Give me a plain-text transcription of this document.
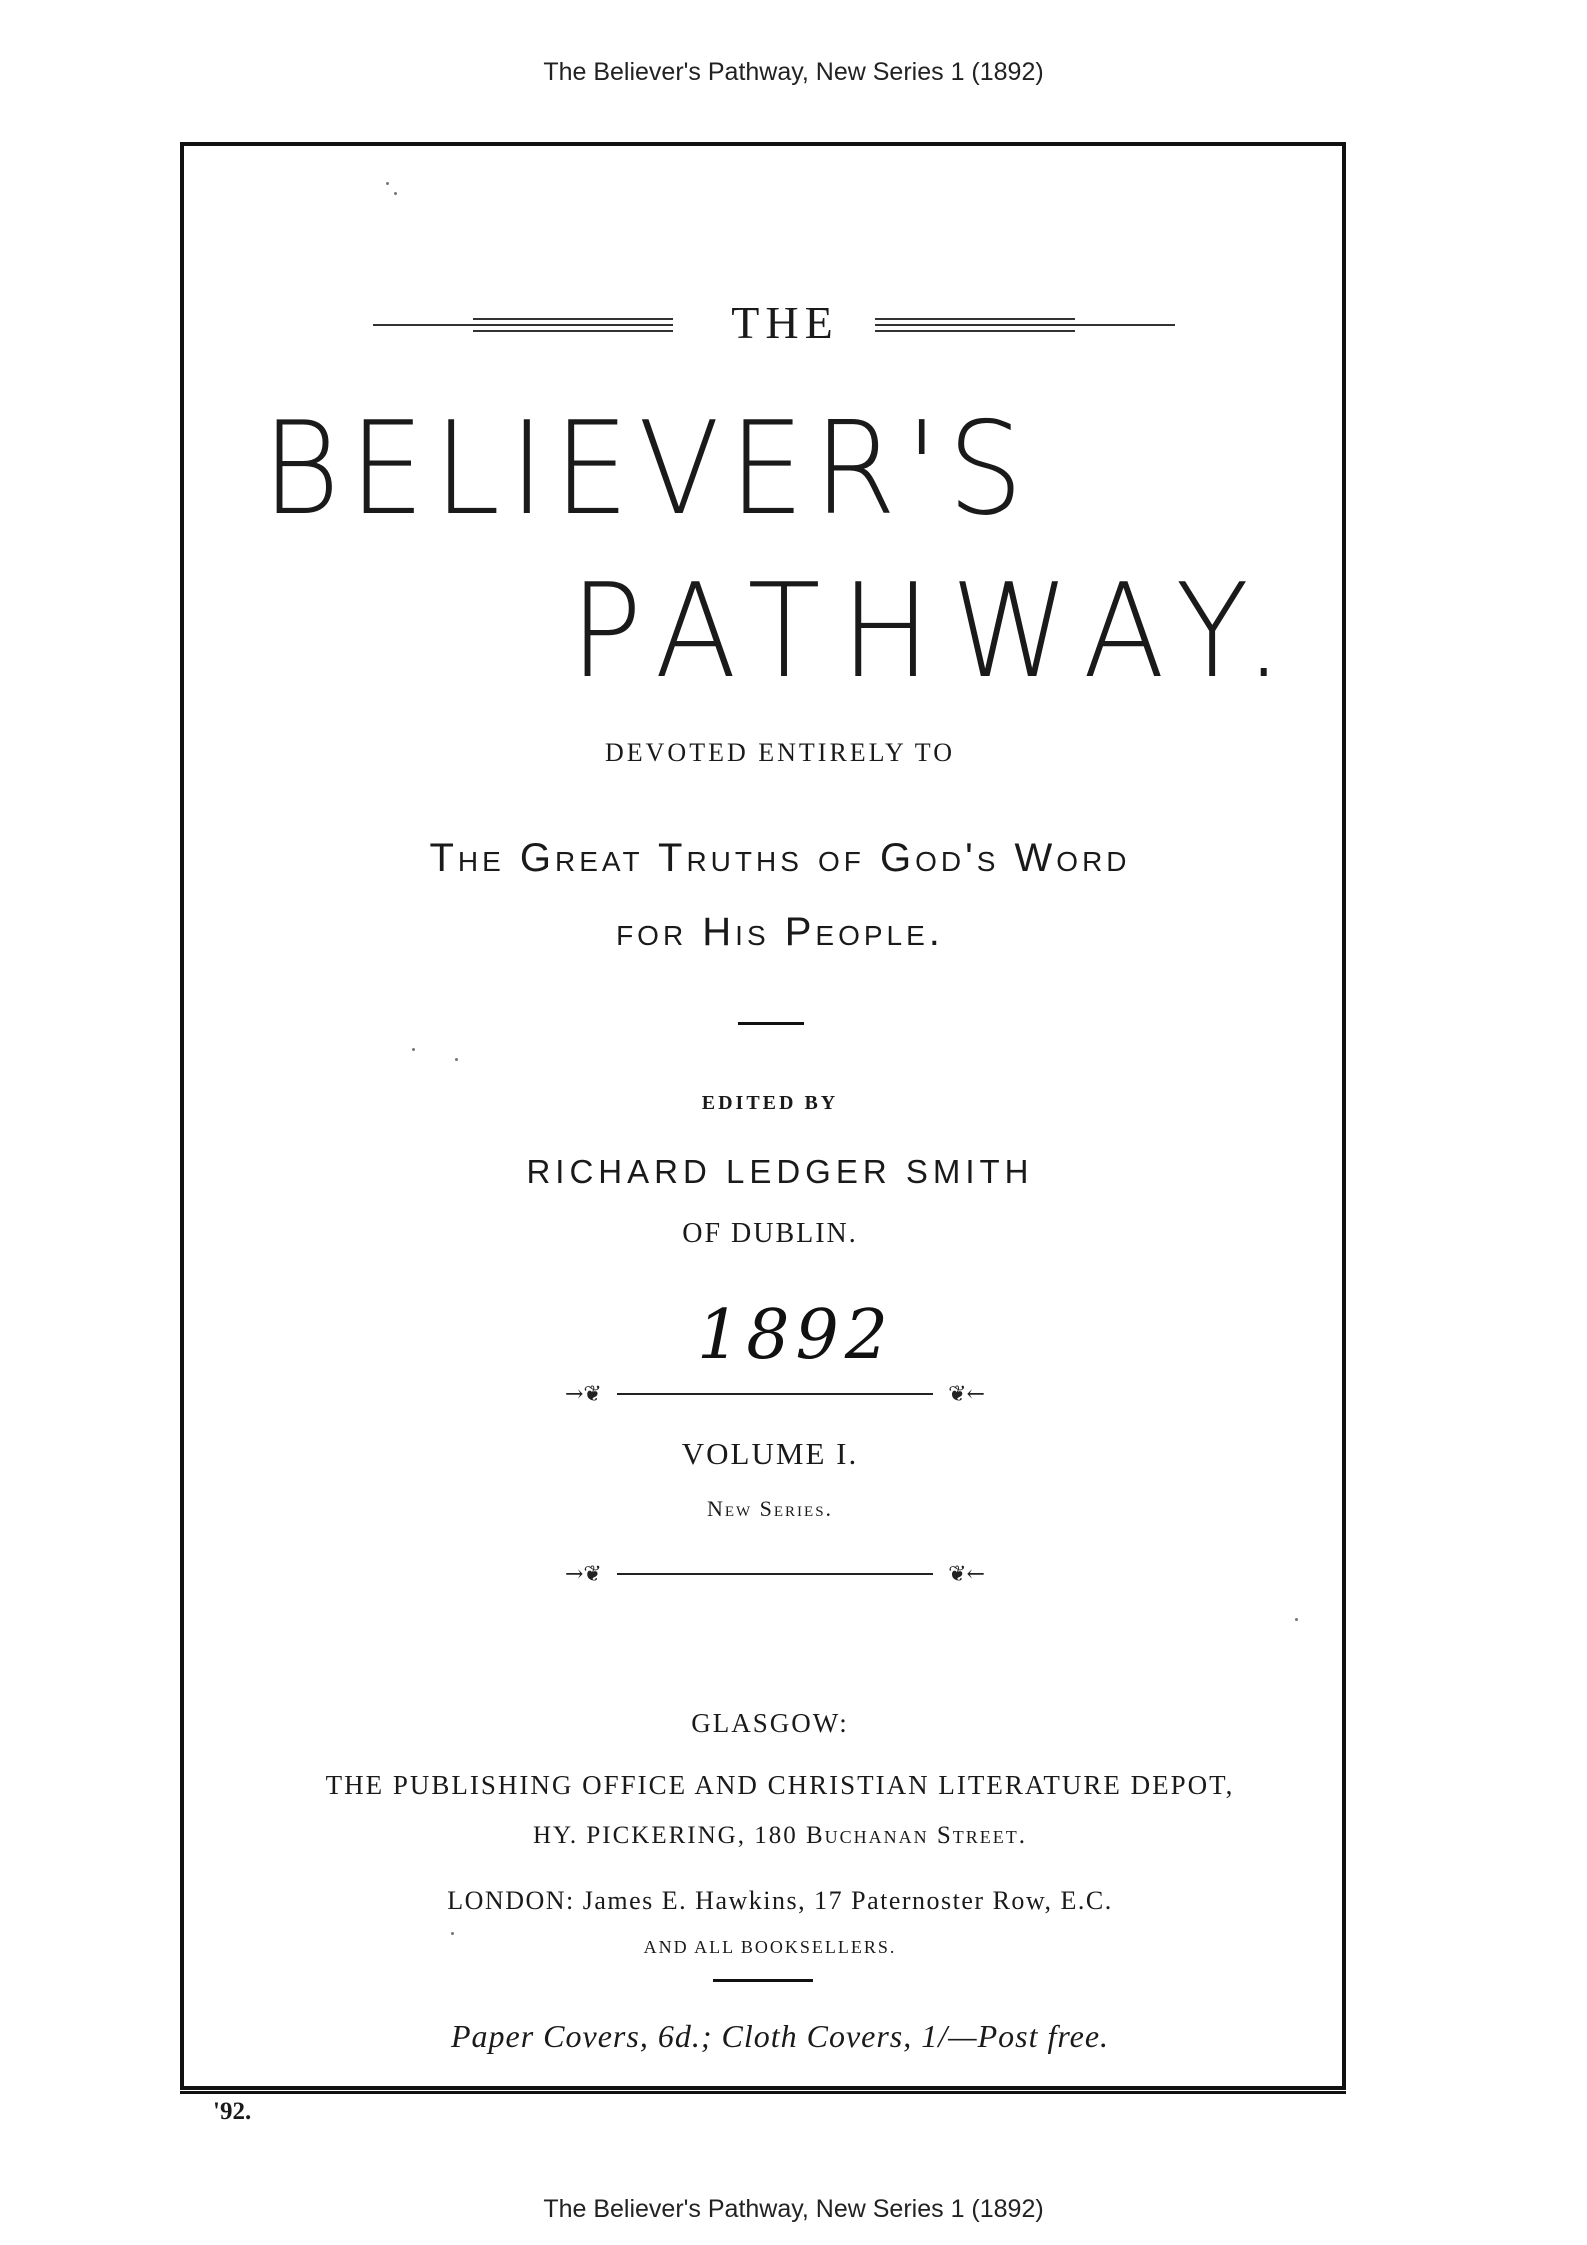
The Believer's Pathway, New Series 1 (1892)
THE
BELIEVER'S
PATHWAY.
DEVOTED ENTIRELY TO
The Great Truths of God's Word
for His People.
EDITED BY
RICHARD LEDGER SMITH
OF DUBLIN.
1892
→❦	❦←
VOLUME I.
New Series.
→❦	❦←
GLASGOW:
THE PUBLISHING OFFICE AND CHRISTIAN LITERATURE DEPOT,
HY. PICKERING, 180 Buchanan Street.
LONDON: James E. Hawkins, 17 Paternoster Row, E.C.
AND ALL BOOKSELLERS.
Paper Covers, 6d.; Cloth Covers, 1/—Post free.
'92.
The Believer's Pathway, New Series 1 (1892)
